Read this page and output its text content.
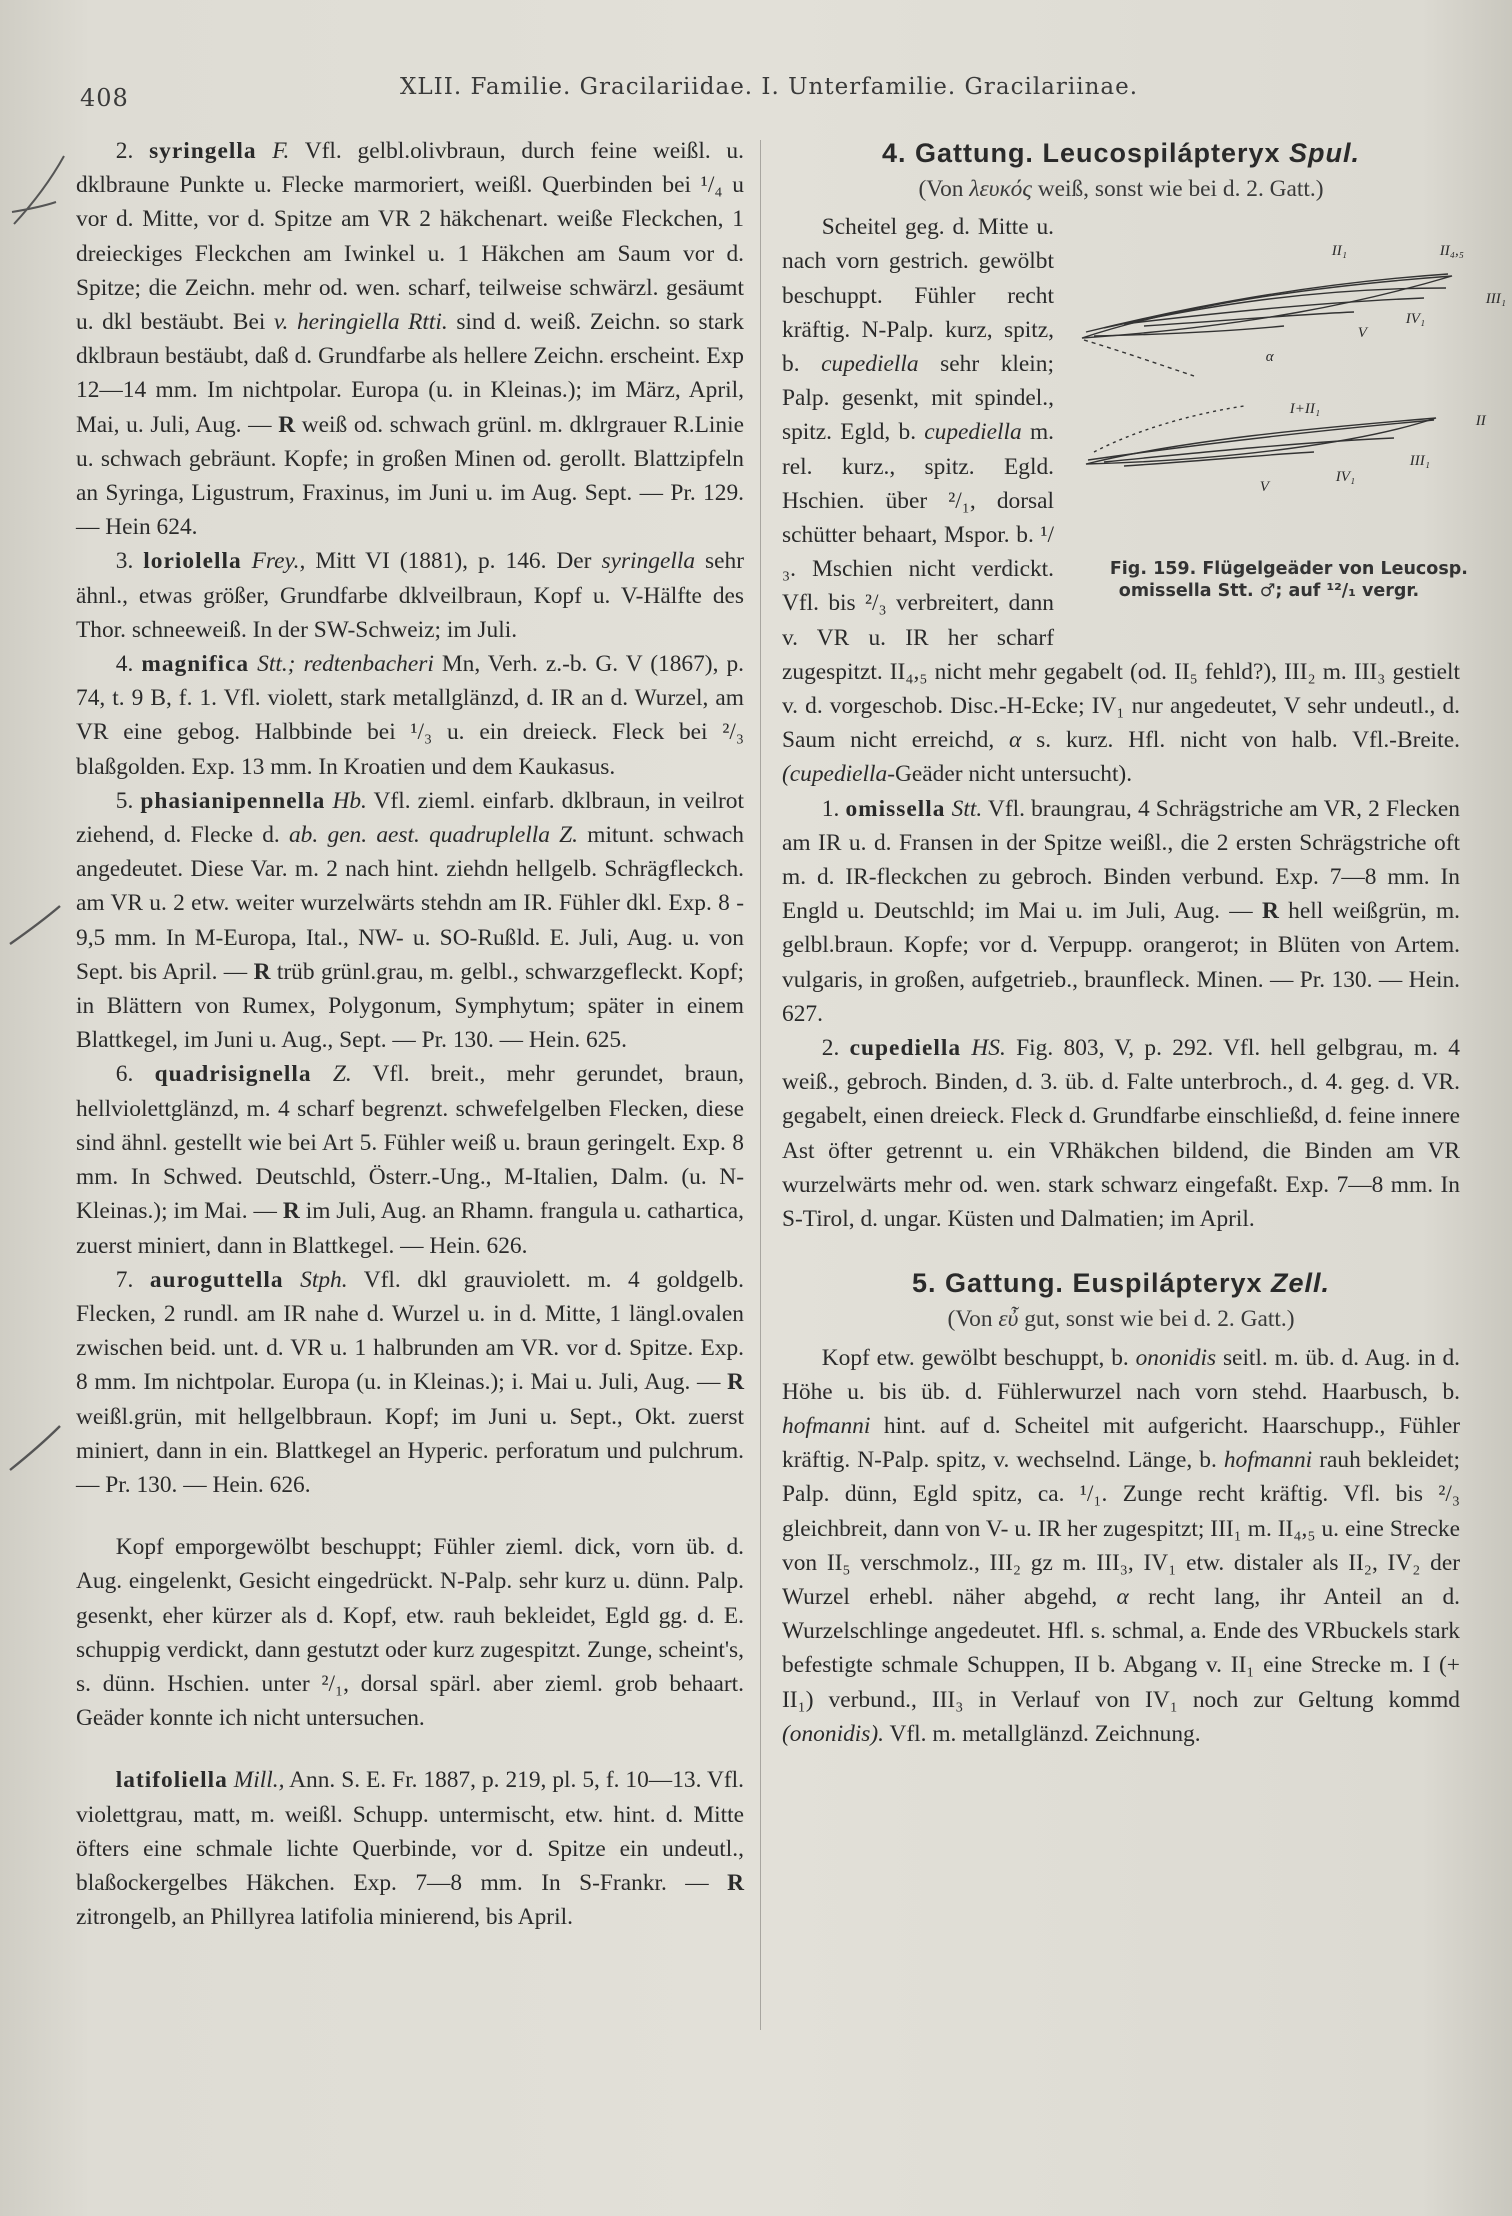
408	XLII. Familie. Gracilariidae. I. Unterfamilie. Gracilariinae.

2. syringella F. Vfl. gelbl.olivbraun, durch feine weißl. u. dklbraune Punkte u. Flecke marmoriert, weißl. Querbinden bei ¹/₄ u vor d. Mitte, vor d. Spitze am VR 2 häkchenart. weiße Fleckchen, 1 dreieckiges Fleckchen am Iwinkel u. 1 Häkchen am Saum vor d. Spitze; die Zeichn. mehr od. wen. scharf, teilweise schwärzl. gesäumt u. dkl bestäubt. Bei v. heringiella Rtti. sind d. weiß. Zeichn. so stark dklbraun bestäubt, daß d. Grundfarbe als hellere Zeichn. erscheint. Exp 12—14 mm. Im nichtpolar. Europa (u. in Kleinas.); im März, April, Mai, u. Juli, Aug. — R weiß od. schwach grünl. m. dklrgrauer R.Linie u. schwach gebräunt. Kopfe; in großen Minen od. gerollt. Blattzipfeln an Syringa, Ligustrum, Fraxinus, im Juni u. im Aug. Sept. — Pr. 129. — Hein 624.

3. loriolella Frey., Mitt VI (1881), p. 146. Der syringella sehr ähnl., etwas größer, Grundfarbe dklveilbraun, Kopf u. V-Hälfte des Thor. schneeweiß. In der SW-Schweiz; im Juli.

4. magnifica Stt.; redtenbacheri Mn, Verh. z.-b. G. V (1867), p. 74, t. 9 B, f. 1. Vfl. violett, stark metallglänzd, d. IR an d. Wurzel, am VR eine gebog. Halbbinde bei ¹/₃ u. ein dreieck. Fleck bei ²/₃ blaßgolden. Exp. 13 mm. In Kroatien und dem Kaukasus.

5. phasianipennella Hb. Vfl. zieml. einfarb. dklbraun, in veilrot ziehend, d. Flecke d. ab. gen. aest. quadruplella Z. mitunt. schwach angedeutet. Diese Var. m. 2 nach hint. ziehdn hellgelb. Schrägfleckch. am VR u. 2 etw. weiter wurzelwärts stehdn am IR. Fühler dkl. Exp. 8 - 9,5 mm. In M-Europa, Ital., NW- u. SO-Rußld. E. Juli, Aug. u. von Sept. bis April. — R trüb grünl.grau, m. gelbl., schwarzgefleckt. Kopf; in Blättern von Rumex, Polygonum, Symphytum; später in einem Blattkegel, im Juni u. Aug., Sept. — Pr. 130. — Hein. 625.

6. quadrisignella Z. Vfl. breit., mehr gerundet, braun, hellviolettglänzd, m. 4 scharf begrenzt. schwefelgelben Flecken, diese sind ähnl. gestellt wie bei Art 5. Fühler weiß u. braun geringelt. Exp. 8 mm. In Schwed. Deutschld, Österr.-Ung., M-Italien, Dalm. (u. N-Kleinas.); im Mai. — R im Juli, Aug. an Rhamn. frangula u. cathartica, zuerst miniert, dann in Blattkegel. — Hein. 626.

7. auroguttella Stph. Vfl. dkl grauviolett. m. 4 goldgelb. Flecken, 2 rundl. am IR nahe d. Wurzel u. in d. Mitte, 1 längl.ovalen zwischen beid. unt. d. VR u. 1 halbrunden am VR. vor d. Spitze. Exp. 8 mm. Im nichtpolar. Europa (u. in Kleinas.); i. Mai u. Juli, Aug. — R weißl.grün, mit hellgelbbraun. Kopf; im Juni u. Sept., Okt. zuerst miniert, dann in ein. Blattkegel an Hyperic. perforatum und pulchrum. — Pr. 130. — Hein. 626.

Kopf emporgewölbt beschuppt; Fühler zieml. dick, vorn üb. d. Aug. eingelenkt, Gesicht eingedrückt. N-Palp. sehr kurz u. dünn. Palp. gesenkt, eher kürzer als d. Kopf, etw. rauh bekleidet, Egld gg. d. E. schuppig verdickt, dann gestutzt oder kurz zugespitzt. Zunge, scheint's, s. dünn. Hschien. unter ²/₁, dorsal spärl. aber zieml. grob behaart. Geäder konnte ich nicht untersuchen.

latifoliella Mill., Ann. S. E. Fr. 1887, p. 219, pl. 5, f. 10—13. Vfl. violettgrau, matt, m. weißl. Schupp. untermischt, etw. hint. d. Mitte öfters eine schmale lichte Querbinde, vor d. Spitze ein undeutl., blaßockergelbes Häkchen. Exp. 7—8 mm. In S-Frankr. — R zitrongelb, an Phillyrea latifolia minierend, bis April.

4. Gattung. Leucospilápteryx Spul.

(Von λευκός weiß, sonst wie bei d. 2. Gatt.)

II₁	II₄,₅
III₁
IV₁
V
α
I+II₁
II
III₁
IV₁
V
Fig. 159. Flügelgeäder von Leucosp. omissella Stt. ♂; auf ¹²/₁ vergr.
Scheitel geg. d. Mitte u. nach vorn gestrich. gewölbt beschuppt. Fühler recht kräftig. N-Palp. kurz, spitz, b. cupediella sehr klein; Palp. gesenkt, mit spindel., spitz. Egld, b. cupediella m. rel. kurz., spitz. Egld. Hschien. über ²/₁, dorsal schütter behaart, Mspor. b. ¹/₃. Mschien nicht verdickt. Vfl. bis ²/₃ verbreitert, dann v. VR u. IR her scharf zugespitzt. II₄,₅ nicht mehr gegabelt (od. II₅ fehld?), III₂ m. III₃ gestielt v. d. vorgeschob. Disc.-H-Ecke; IV₁ nur angedeutet, V sehr undeutl., d. Saum nicht erreichd, α s. kurz. Hfl. nicht von halb. Vfl.-Breite. (cupediella-Geäder nicht untersucht).

1. omissella Stt. Vfl. braungrau, 4 Schrägstriche am VR, 2 Flecken am IR u. d. Fransen in der Spitze weißl., die 2 ersten Schrägstriche oft m. d. IR-fleckchen zu gebroch. Binden verbund. Exp. 7—8 mm. In Engld u. Deutschld; im Mai u. im Juli, Aug. — R hell weißgrün, m. gelbl.braun. Kopfe; vor d. Verpupp. orangerot; in Blüten von Artem. vulgaris, in großen, aufgetrieb., braunfleck. Minen. — Pr. 130. — Hein. 627.

2. cupediella HS. Fig. 803, V, p. 292. Vfl. hell gelbgrau, m. 4 weiß., gebroch. Binden, d. 3. üb. d. Falte unterbroch., d. 4. geg. d. VR. gegabelt, einen dreieck. Fleck d. Grundfarbe einschließd, d. feine innere Ast öfter getrennt u. ein VRhäkchen bildend, die Binden am VR wurzelwärts mehr od. wen. stark schwarz eingefaßt. Exp. 7—8 mm. In S-Tirol, d. ungar. Küsten und Dalmatien; im April.

5. Gattung. Euspilápteryx Zell.

(Von εὖ gut, sonst wie bei d. 2. Gatt.)

Kopf etw. gewölbt beschuppt, b. ononidis seitl. m. üb. d. Aug. in d. Höhe u. bis üb. d. Fühlerwurzel nach vorn stehd. Haarbusch, b. hofmanni hint. auf d. Scheitel mit aufgericht. Haarschupp., Fühler kräftig. N-Palp. spitz, v. wechselnd. Länge, b. hofmanni rauh bekleidet; Palp. dünn, Egld spitz, ca. ¹/₁. Zunge recht kräftig. Vfl. bis ²/₃ gleichbreit, dann von V- u. IR her zugespitzt; III₁ m. II₄,₅ u. eine Strecke von II₅ verschmolz., III₂ gz m. III₃, IV₁ etw. distaler als II₂, IV₂ der Wurzel erhebl. näher abgehd, α recht lang, ihr Anteil an d. Wurzelschlinge angedeutet. Hfl. s. schmal, a. Ende des VRbuckels stark befestigte schmale Schuppen, II b. Abgang v. II₁ eine Strecke m. I (+ II₁) verbund., III₃ in Verlauf von IV₁ noch zur Geltung kommd (ononidis). Vfl. m. metallglänzd. Zeichnung.
